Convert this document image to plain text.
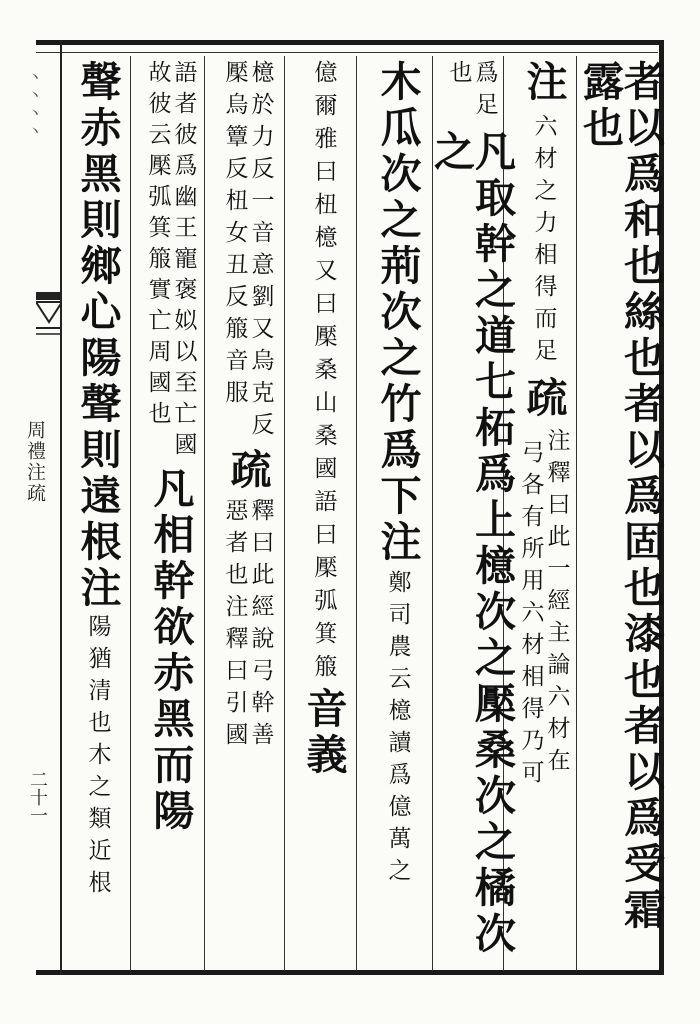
丶丶丶丶
周禮注疏
二十一	者以爲和也絲也者以爲固也漆也者以爲受霜露也
注
六材之力相得而足
疏
注釋曰此一經主論六材在
弓各有所用六材相得乃可
爲足
也
凡取幹之道七柘爲上檍次之檿桑次之橘次之
木瓜次之荊次之竹爲下注
鄭司農云檍讀爲億萬之
億爾雅曰杻檍又曰檿桑山桑國語曰檿弧箕箙
音義
檍於力反一音意劉又烏克反
檿烏簟反杻女丑反箙音服
疏
釋曰此經說弓幹善
惡者也注釋曰引國
語者彼爲幽王寵褒姒以至亡國
故彼云檿弧箕箙實亡周國也
凡相幹欲赤黑而陽
聲赤黑則鄉心陽聲則遠根注
陽猶清也木之類近根
